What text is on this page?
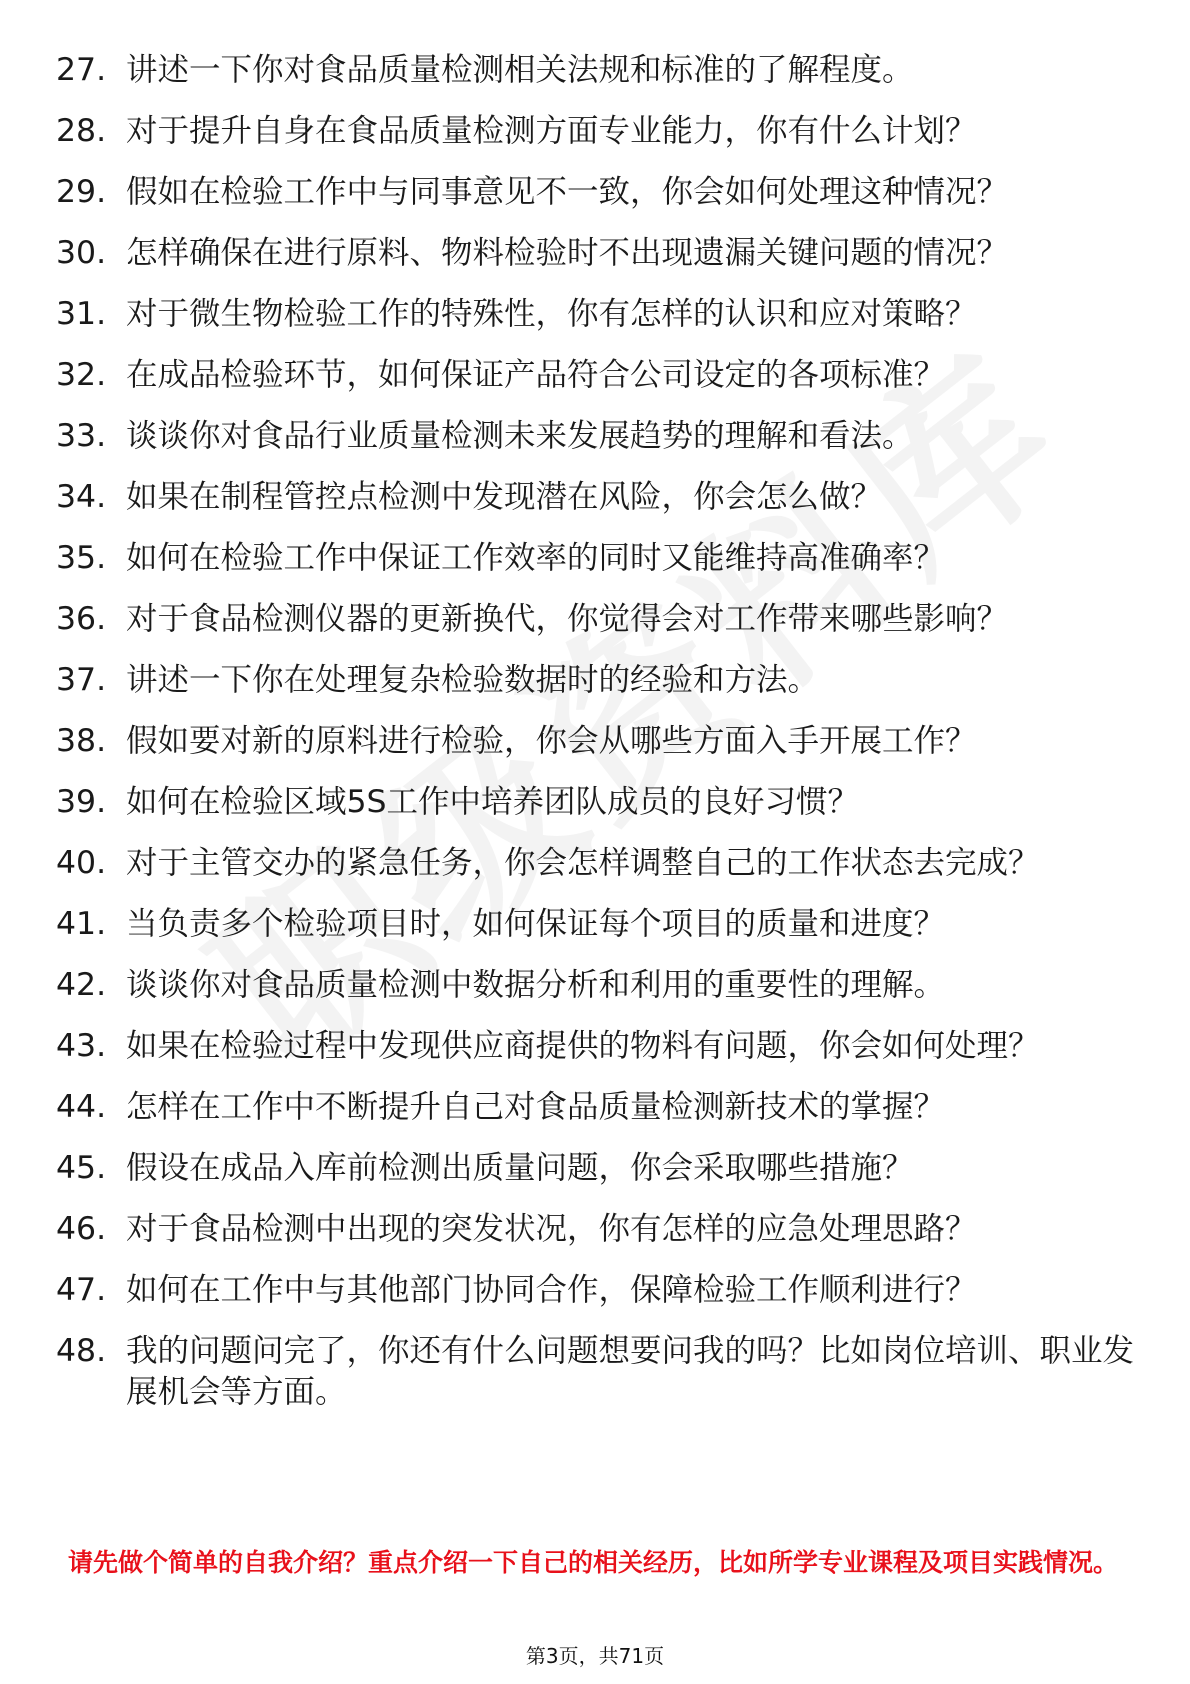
27. 讲述一下你对食品质量检测相关法规和标准的了解程度。
28. 对于提升自身在食品质量检测方面专业能力，你有什么计划？
29. 假如在检验工作中与同事意见不一致，你会如何处理这种情况？
30. 怎样确保在进行原料、物料检验时不出现遗漏关键问题的情况？
31. 对于微生物检验工作的特殊性，你有怎样的认识和应对策略？
32. 在成品检验环节，如何保证产品符合公司设定的各项标准？
33. 谈谈你对食品行业质量检测未来发展趋势的理解和看法。
34. 如果在制程管控点检测中发现潜在风险，你会怎么做？
35. 如何在检验工作中保证工作效率的同时又能维持高准确率？
36. 对于食品检测仪器的更新换代，你觉得会对工作带来哪些影响？
37. 讲述一下你在处理复杂检验数据时的经验和方法。
38. 假如要对新的原料进行检验，你会从哪些方面入手开展工作？
39. 如何在检验区域5S工作中培养团队成员的良好习惯？
40. 对于主管交办的紧急任务，你会怎样调整自己的工作状态去完成？
41. 当负责多个检验项目时，如何保证每个项目的质量和进度？
42. 谈谈你对食品质量检测中数据分析和利用的重要性的理解。
43. 如果在检验过程中发现供应商提供的物料有问题，你会如何处理？
44. 怎样在工作中不断提升自己对食品质量检测新技术的掌握？
45. 假设在成品入库前检测出质量问题，你会采取哪些措施？
46. 对于食品检测中出现的突发状况，你有怎样的应急处理思路？
47. 如何在工作中与其他部门协同合作，保障检验工作顺利进行？
48. 我的问题问完了，你还有什么问题想要问我的吗？比如岗位培训、职业发展机会等方面。
请先做个简单的自我介绍？重点介绍一下自己的相关经历，比如所学专业课程及项目实践情况。
第3页，共71页
